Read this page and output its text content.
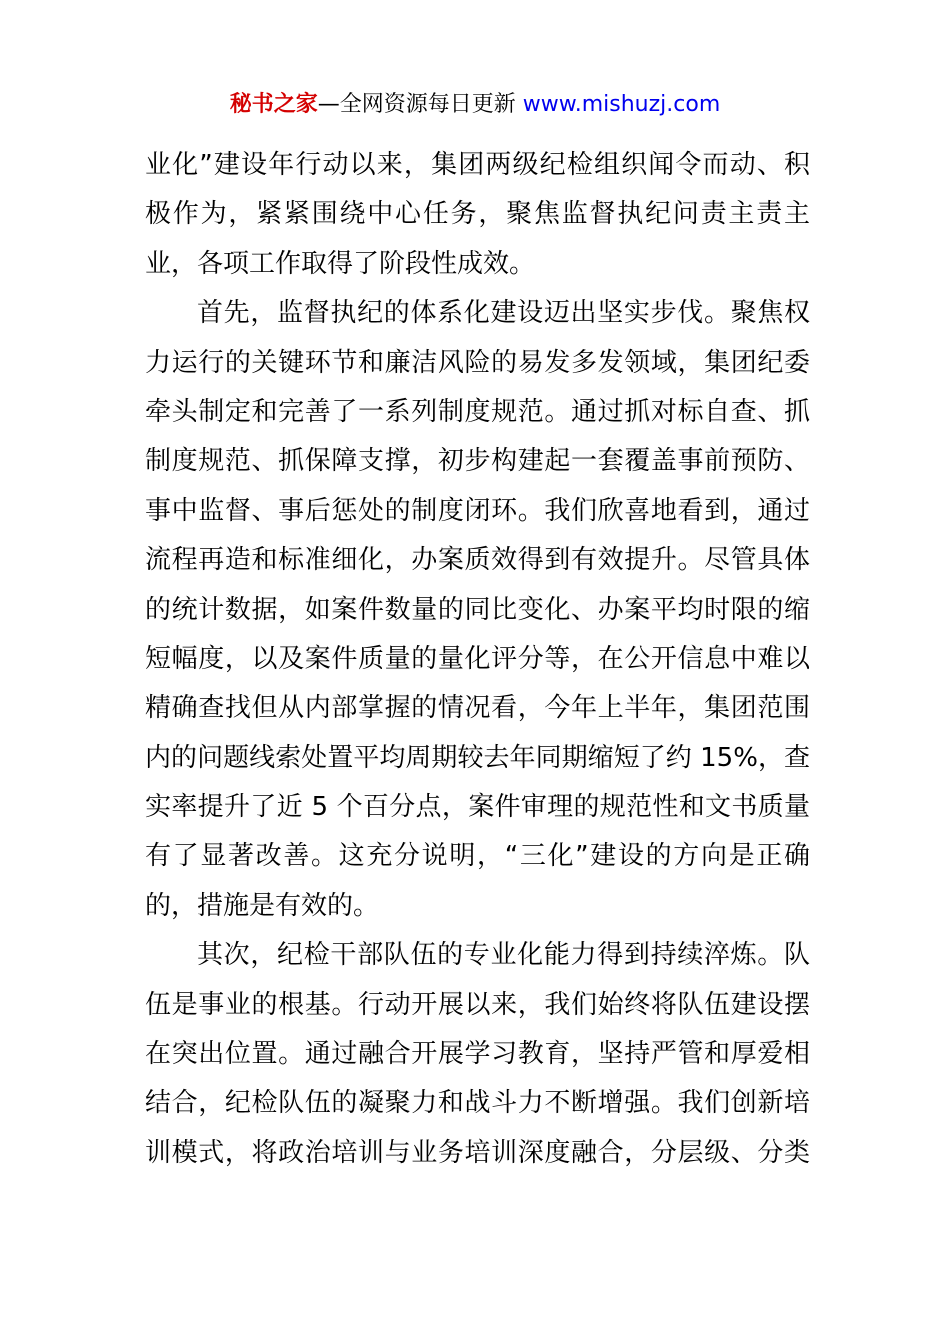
秘书之家—全网资源每日更新 www.mishuzj.com
业化”建设年行动以来，集团两级纪检组织闻令而动、积
极作为，紧紧围绕中心任务，聚焦监督执纪问责主责主
业，各项工作取得了阶段性成效。
首先，监督执纪的体系化建设迈出坚实步伐。聚焦权
力运行的关键环节和廉洁风险的易发多发领域，集团纪委
牵头制定和完善了一系列制度规范。通过抓对标自查、抓
制度规范、抓保障支撑，初步构建起一套覆盖事前预防、
事中监督、事后惩处的制度闭环。我们欣喜地看到，通过
流程再造和标准细化，办案质效得到有效提升。尽管具体
的统计数据，如案件数量的同比变化、办案平均时限的缩
短幅度，以及案件质量的量化评分等，在公开信息中难以
精确查找但从内部掌握的情况看，今年上半年，集团范围
内的问题线索处置平均周期较去年同期缩短了约 15%，查
实率提升了近 5 个百分点，案件审理的规范性和文书质量
有了显著改善。这充分说明，“三化”建设的方向是正确
的，措施是有效的。
其次，纪检干部队伍的专业化能力得到持续淬炼。队
伍是事业的根基。行动开展以来，我们始终将队伍建设摆
在突出位置。通过融合开展学习教育，坚持严管和厚爱相
结合，纪检队伍的凝聚力和战斗力不断增强。我们创新培
训模式，将政治培训与业务培训深度融合，分层级、分类
